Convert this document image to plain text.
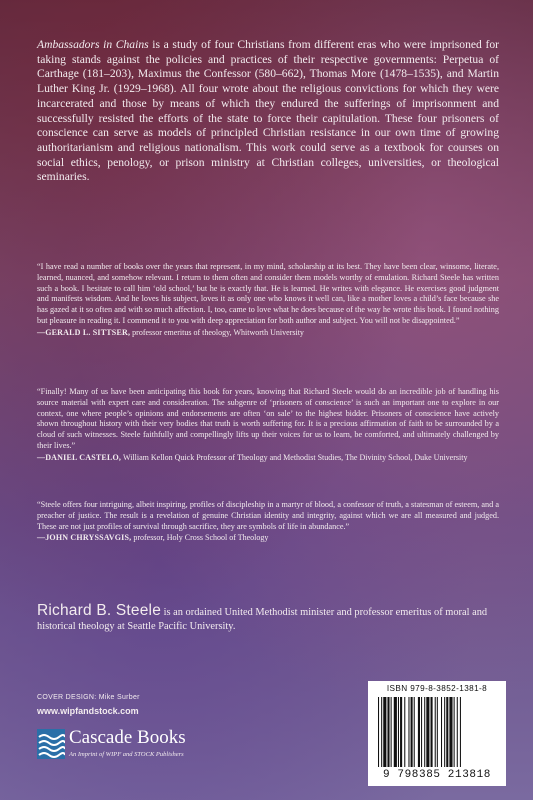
Ambassadors in Chains is a study of four Christians from different eras who were imprisoned for taking stands against the policies and practices of their respective governments: Perpetua of Carthage (181–203), Maximus the Confessor (580–662), Thomas More (1478–1535), and Martin Luther King Jr. (1929–1968). All four wrote about the religious convictions for which they were incarcerated and those by means of which they endured the sufferings of imprisonment and successfully resisted the efforts of the state to force their capitulation. These four prisoners of conscience can serve as models of principled Christian resistance in our own time of growing authoritarianism and religious nationalism. This work could serve as a textbook for courses on social ethics, penology, or prison ministry at Christian colleges, universities, or theological seminaries.
“I have read a number of books over the years that represent, in my mind, scholarship at its best. They have been clear, winsome, literate, learned, nuanced, and somehow relevant. I return to them often and consider them models worthy of emulation. Richard Steele has written such a book. I hesitate to call him ‘old school,’ but he is exactly that. He is learned. He writes with elegance. He exercises good judgment and manifests wisdom. And he loves his subject, loves it as only one who knows it well can, like a mother loves a child’s face because she has gazed at it so often and with so much affection. I, too, came to love what he does because of the way he wrote this book. I found nothing but pleasure in reading it. I commend it to you with deep appreciation for both author and subject. You will not be disappointed.”
—GERALD L. SITTSER, professor emeritus of theology, Whitworth University
“Finally! Many of us have been anticipating this book for years, knowing that Richard Steele would do an incredible job of handling his source material with expert care and consideration. The subgenre of ‘prisoners of conscience’ is such an important one to explore in our context, one where people’s opinions and endorsements are often ‘on sale’ to the highest bidder. Prisoners of conscience have actively shown throughout history with their very bodies that truth is worth suffering for. It is a precious affirmation of faith to be surrounded by a cloud of such witnesses. Steele faithfully and compellingly lifts up their voices for us to learn, be comforted, and ultimately challenged by their lives.”
—DANIEL CASTELO, William Kellon Quick Professor of Theology and Methodist Studies, The Divinity School, Duke University
“Steele offers four intriguing, albeit inspiring, profiles of discipleship in a martyr of blood, a confessor of truth, a statesman of esteem, and a preacher of justice. The result is a revelation of genuine Christian identity and integrity, against which we are all measured and judged. These are not just profiles of survival through sacrifice, they are symbols of life in abundance.”
—JOHN CHRYSSAVGIS, professor, Holy Cross School of Theology
Richard B. Steele is an ordained United Methodist minister and professor emeritus of moral and historical theology at Seattle Pacific University.
COVER DESIGN: Mike Surber
www.wipfandstock.com
Cascade Books
An Imprint of WIPF and STOCK Publishers
ISBN 979-8-3852-1381-8
9 798385 213818
